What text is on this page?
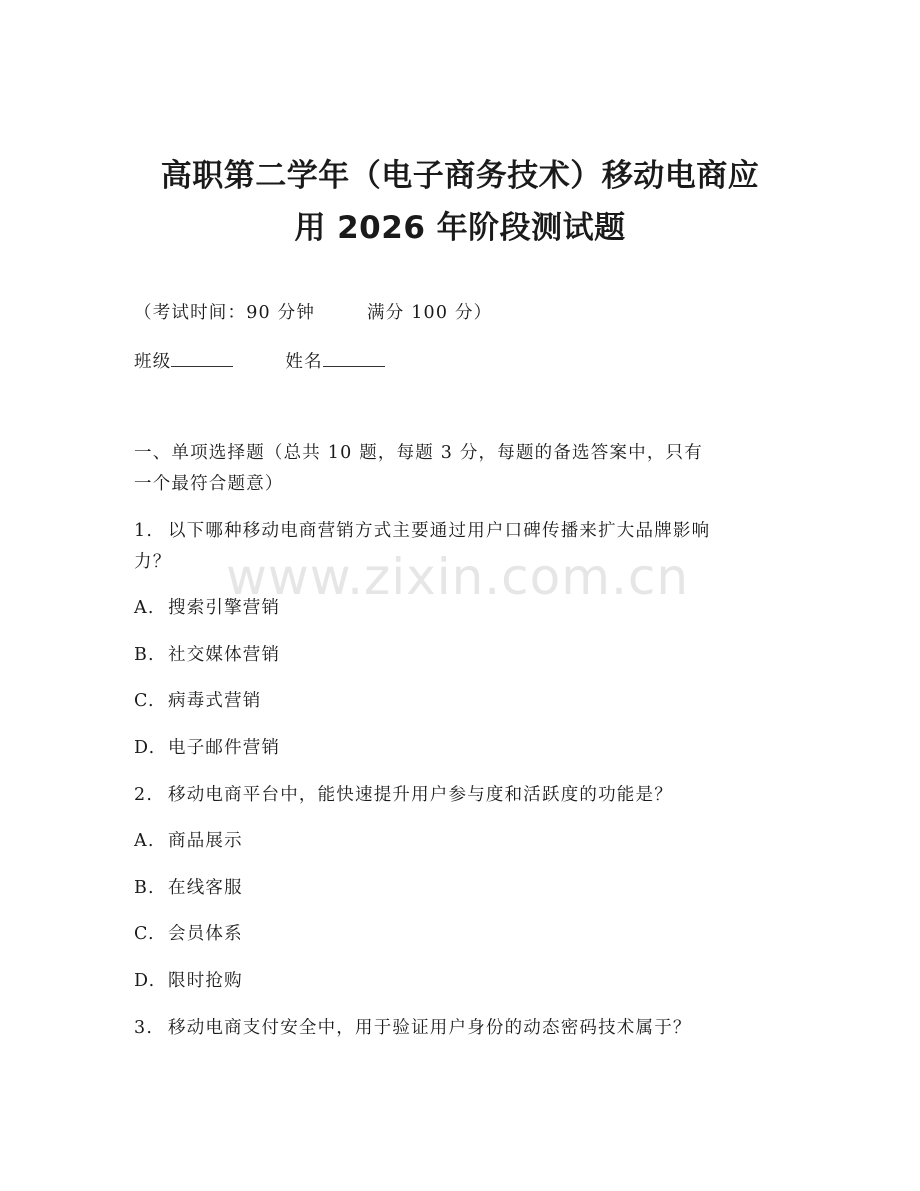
高职第二学年（电子商务技术）移动电商应
用 2026 年阶段测试题
（考试时间：90 分钟	满分 100 分）
班级	姓名
一、单项选择题（总共 10 题，每题 3 分，每题的备选答案中，只有
一个最符合题意）
1. 以下哪种移动电商营销方式主要通过用户口碑传播来扩大品牌影响
力？
A. 搜索引擎营销
B. 社交媒体营销
C. 病毒式营销
D. 电子邮件营销
2. 移动电商平台中，能快速提升用户参与度和活跃度的功能是？
A. 商品展示
B. 在线客服
C. 会员体系
D. 限时抢购
3. 移动电商支付安全中，用于验证用户身份的动态密码技术属于？
www.zixin.com.cn
